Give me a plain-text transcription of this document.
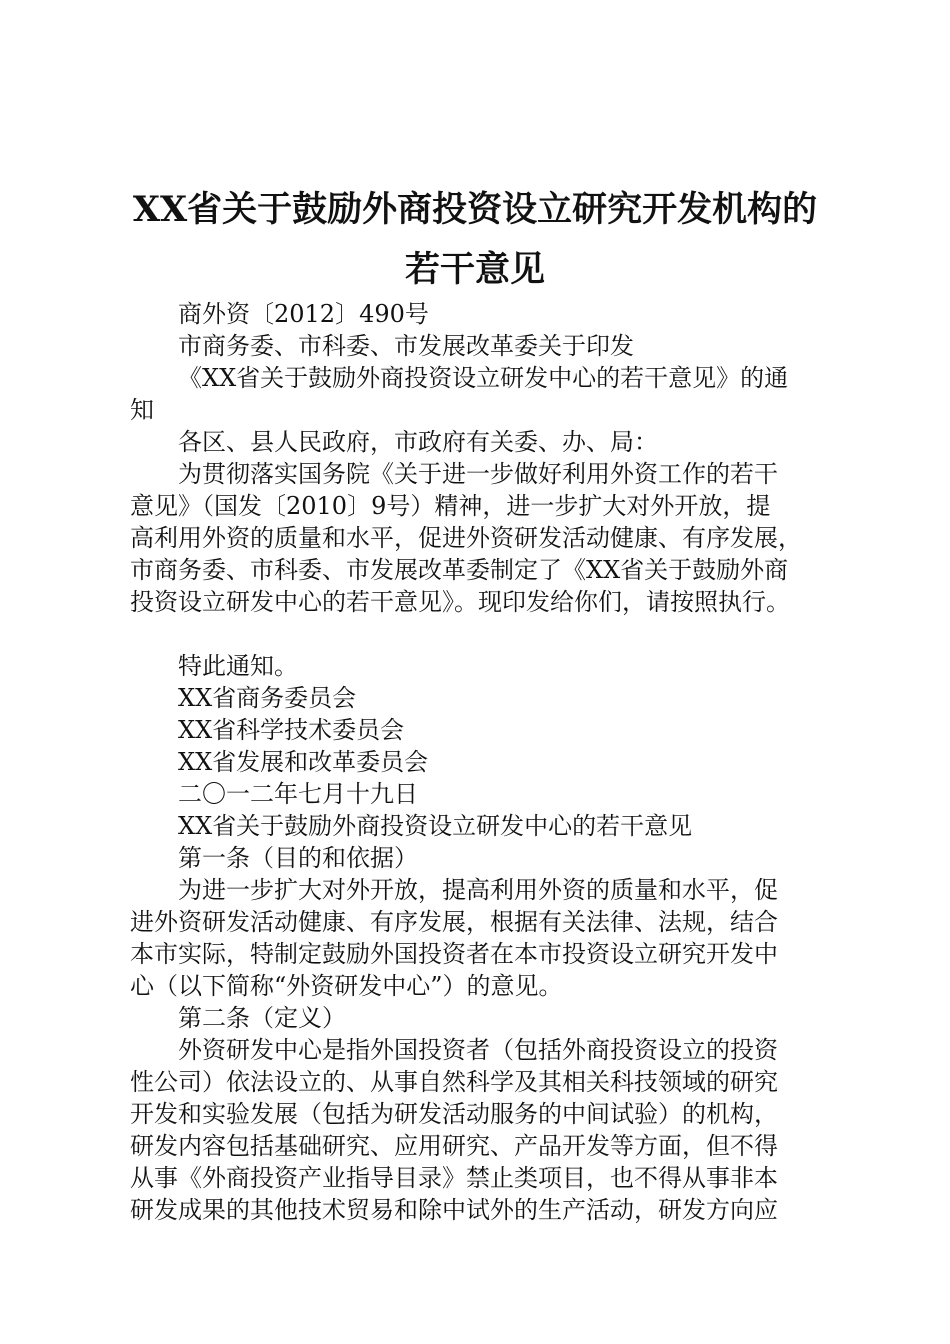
XX省关于鼓励外商投资设立研究开发机构的
若干意见
商外资〔2012〕490号
市商务委、市科委、市发展改革委关于印发
《XX省关于鼓励外商投资设立研发中心的若干意见》的通
知
各区、县人民政府，市政府有关委、办、局：
为贯彻落实国务院《关于进一步做好利用外资工作的若干
意见》（国发〔2010〕9号）精神，进一步扩大对外开放，提
高利用外资的质量和水平，促进外资研发活动健康、有序发展，
市商务委、市科委、市发展改革委制定了《XX省关于鼓励外商
投资设立研发中心的若干意见》。现印发给你们，请按照执行。
特此通知。
XX省商务委员会
XX省科学技术委员会
XX省发展和改革委员会
二〇一二年七月十九日
XX省关于鼓励外商投资设立研发中心的若干意见
第一条（目的和依据）
为进一步扩大对外开放，提高利用外资的质量和水平，促
进外资研发活动健康、有序发展，根据有关法律、法规，结合
本市实际，特制定鼓励外国投资者在本市投资设立研究开发中
心（以下简称“外资研发中心”）的意见。
第二条（定义）
外资研发中心是指外国投资者（包括外商投资设立的投资
性公司）依法设立的、从事自然科学及其相关科技领域的研究
开发和实验发展（包括为研发活动服务的中间试验）的机构，
研发内容包括基础研究、应用研究、产品开发等方面，但不得
从事《外商投资产业指导目录》禁止类项目，也不得从事非本
研发成果的其他技术贸易和除中试外的生产活动，研发方向应
